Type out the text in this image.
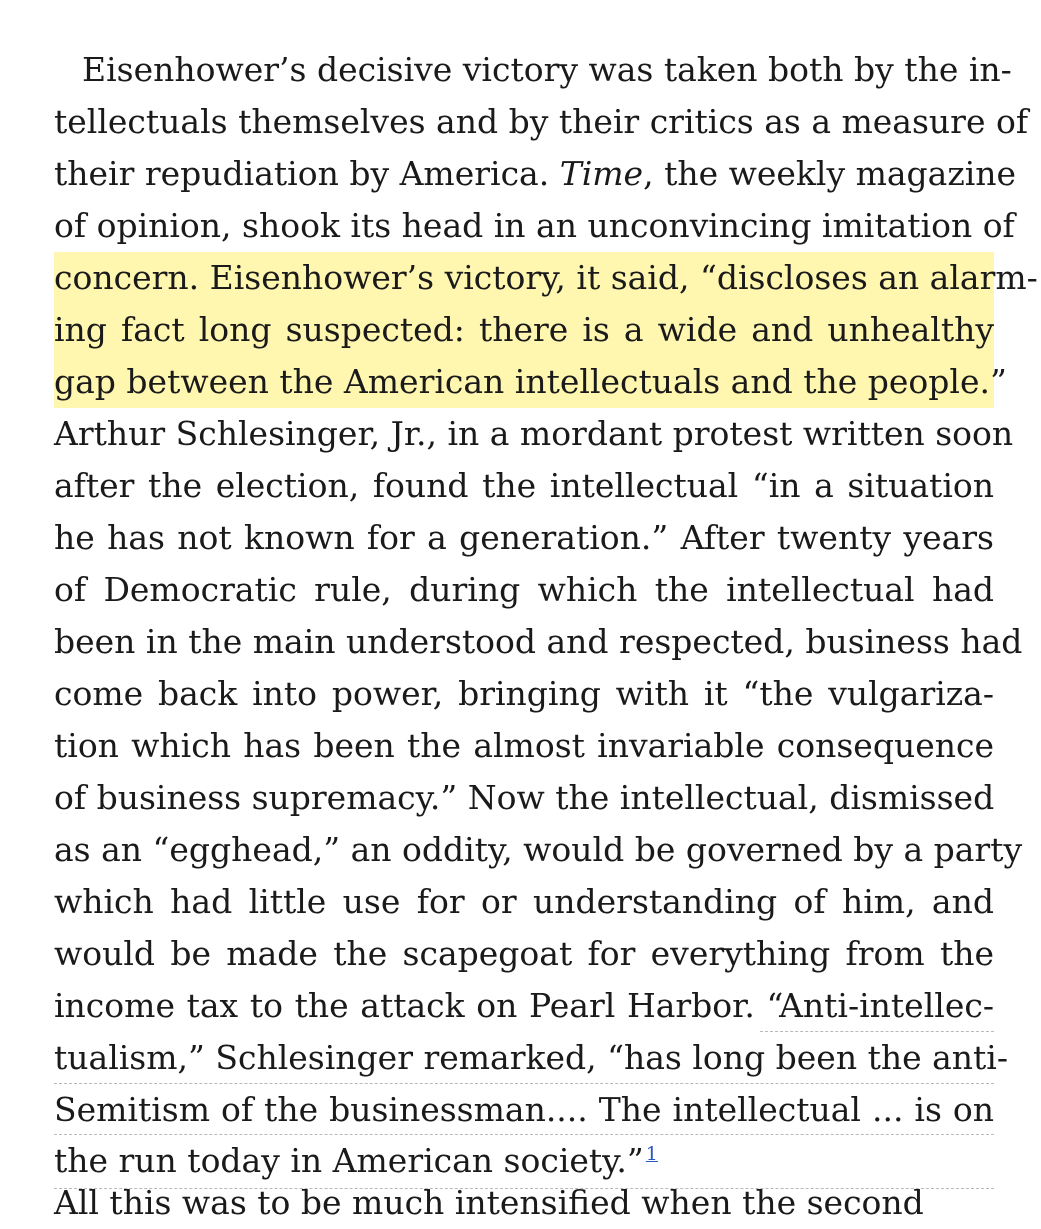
Eisenhower’s decisive victory was taken both by the in-
tellectuals themselves and by their critics as a measure of
their repudiation by America. Time, the weekly magazine
of opinion, shook its head in an unconvincing imitation of
concern. Eisenhower’s victory, it said, “discloses an alarm-
ing fact long suspected: there is a wide and unhealthy
gap between the American intellectuals and the people.”
Arthur Schlesinger, Jr., in a mordant protest written soon
after the election, found the intellectual “in a situation
he has not known for a generation.” After twenty years
of Democratic rule, during which the intellectual had
been in the main understood and respected, business had
come back into power, bringing with it “the vulgariza-
tion which has been the almost invariable consequence
of business supremacy.” Now the intellectual, dismissed
as an “egghead,” an oddity, would be governed by a party
which had little use for or understanding of him, and
would be made the scapegoat for everything from the
income tax to the attack on Pearl Harbor. “Anti-intellec-
tualism,” Schlesinger remarked, “has long been the anti-
Semitism of the businessman.... The intellectual ... is on
the run today in American society.” $^1$
All this was to be much intensified when the second
